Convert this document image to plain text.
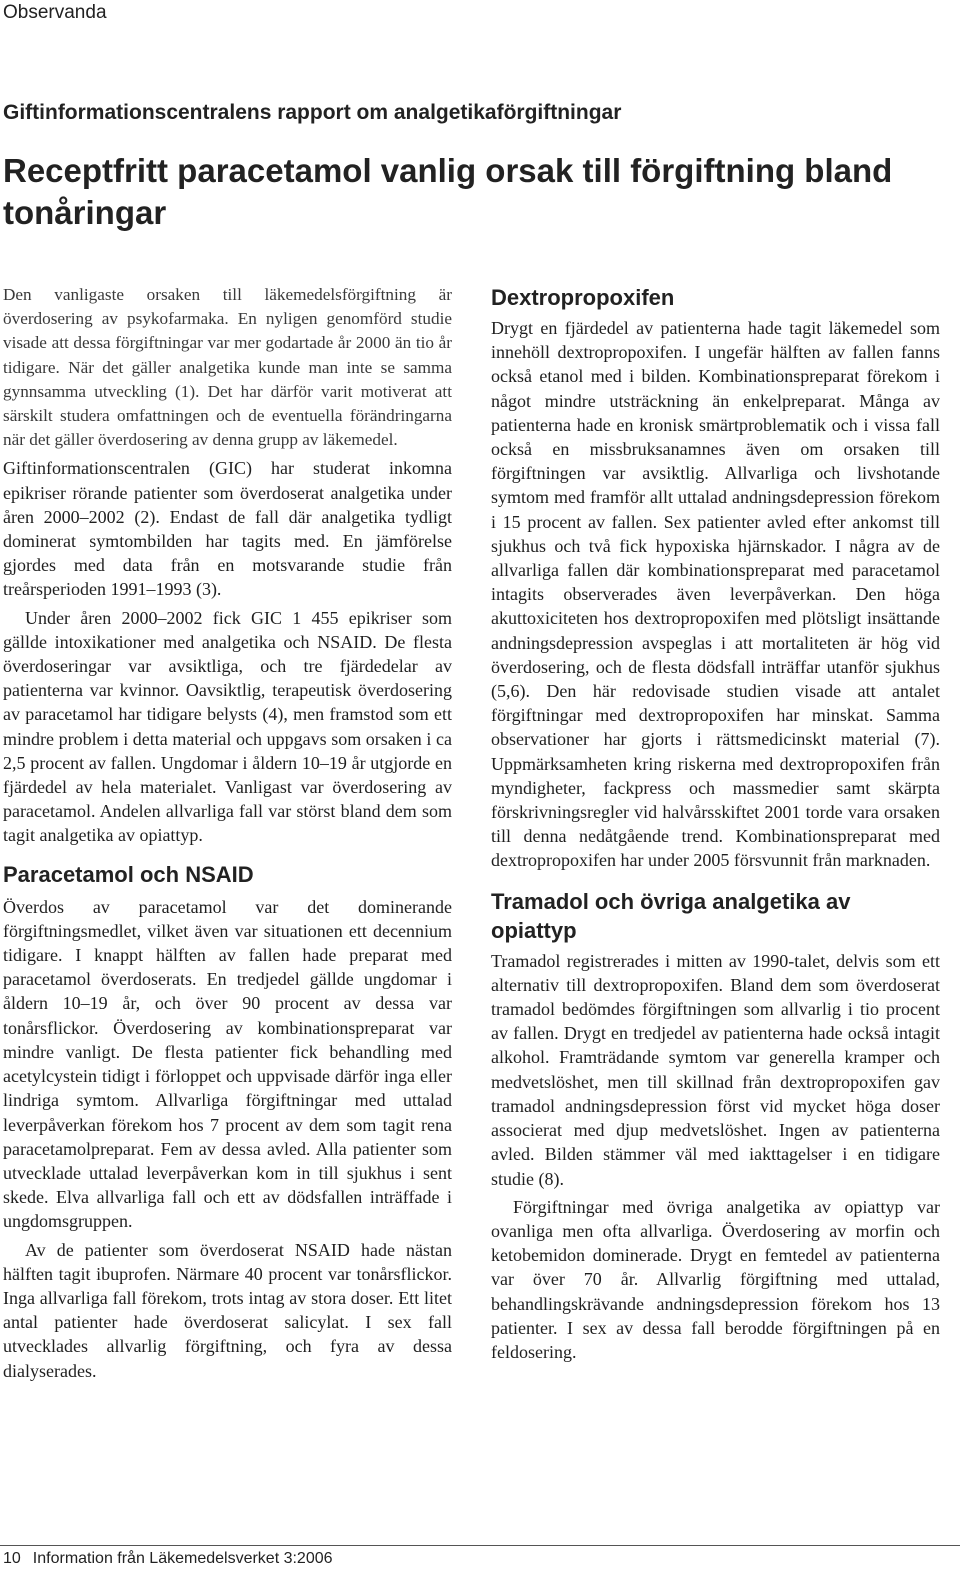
Observanda
Giftinformationscentralens rapport om analgetikaförgiftningar
Receptfritt paracetamol vanlig orsak till förgiftning bland tonåringar

Den vanligaste orsaken till läkemedelsförgiftning är överdosering av psykofarmaka. En nyligen genomförd studie visade att dessa förgiftningar var mer godartade år 2000 än tio år tidigare. När det gäller analgetika kunde man inte se samma gynnsamma utveckling (1). Det har därför varit motiverat att särskilt studera omfattningen och de eventuella förändringarna när det gäller överdosering av denna grupp av läkemedel.

Giftinformationscentralen (GIC) har studerat inkomna epikriser rörande patienter som överdoserat analgetika under åren 2000–2002 (2). Endast de fall där analgetika tydligt dominerat symtombilden har tagits med. En jämförelse gjordes med data från en motsvarande studie från treårsperioden 1991–1993 (3).

Under åren 2000–2002 fick GIC 1 455 epikriser som gällde intoxikationer med analgetika och NSAID. De flesta överdoseringar var avsiktliga, och tre fjärdedelar av patienterna var kvinnor. Oavsiktlig, terapeutisk överdosering av paracetamol har tidigare belysts (4), men framstod som ett mindre problem i detta material och uppgavs som orsaken i ca 2,5 procent av fallen. Ungdomar i åldern 10–19 år utgjorde en fjärdedel av hela materialet. Vanligast var överdosering av paracetamol. Andelen allvarliga fall var störst bland dem som tagit analgetika av opiattyp.

Paracetamol och NSAID

Överdos av paracetamol var det dominerande förgiftningsmedlet, vilket även var situationen ett decennium tidigare. I knappt hälften av fallen hade preparat med paracetamol överdoserats. En tredjedel gällde ungdomar i åldern 10–19 år, och över 90 procent av dessa var tonårsflickor. Överdosering av kombinationspreparat var mindre vanligt. De flesta patienter fick behandling med acetylcystein tidigt i förloppet och uppvisade därför inga eller lindriga symtom. Allvarliga förgiftningar med uttalad leverpåverkan förekom hos 7 procent av dem som tagit rena paracetamolpreparat. Fem av dessa avled. Alla patienter som utvecklade uttalad leverpåverkan kom in till sjukhus i sent skede. Elva allvarliga fall och ett av dödsfallen inträffade i ungdomsgruppen.

Av de patienter som överdoserat NSAID hade nästan hälften tagit ibuprofen. Närmare 40 procent var tonårsflickor. Inga allvarliga fall förekom, trots intag av stora doser. Ett litet antal patienter hade överdoserat salicylat. I sex fall utvecklades allvarlig förgiftning, och fyra av dessa dialyserades.

Dextropropoxifen

Drygt en fjärdedel av patienterna hade tagit läkemedel som innehöll dextropropoxifen. I ungefär hälften av fallen fanns också etanol med i bilden. Kombinationspreparat förekom i något mindre utsträckning än enkelpreparat. Många av patienterna hade en kronisk smärtproblematik och i vissa fall också en missbruksanamnes även om orsaken till förgiftningen var avsiktlig. Allvarliga och livshotande symtom med framför allt uttalad andningsdepression förekom i 15 procent av fallen. Sex patienter avled efter ankomst till sjukhus och två fick hypoxiska hjärnskador. I några av de allvarliga fallen där kombinationspreparat med paracetamol intagits observerades även leverpåverkan. Den höga akuttoxiciteten hos dextropropoxifen med plötsligt insättande andningsdepression avspeglas i att mortaliteten är hög vid överdosering, och de flesta dödsfall inträffar utanför sjukhus (5,6). Den här redovisade studien visade att antalet förgiftningar med dextropropoxifen har minskat. Samma observationer har gjorts i rättsmedicinskt material (7). Uppmärksamheten kring riskerna med dextropropoxifen från myndigheter, fackpress och massmedier samt skärpta förskrivningsregler vid halvårsskiftet 2001 torde vara orsaken till denna nedåtgående trend. Kombinationspreparat med dextropropoxifen har under 2005 försvunnit från marknaden.

Tramadol och övriga analgetika av opiattyp

Tramadol registrerades i mitten av 1990-talet, delvis som ett alternativ till dextropropoxifen. Bland dem som överdoserat tramadol bedömdes förgiftningen som allvarlig i tio procent av fallen. Drygt en tredjedel av patienterna hade också intagit alkohol. Framträdande symtom var generella kramper och medvetslöshet, men till skillnad från dextropropoxifen gav tramadol andningsdepression först vid mycket höga doser associerat med djup medvetslöshet. Ingen av patienterna avled. Bilden stämmer väl med iakttagelser i en tidigare studie (8).

Förgiftningar med övriga analgetika av opiattyp var ovanliga men ofta allvarliga. Överdosering av morfin och ketobemidon dominerade. Drygt en femtedel av patienterna var över 70 år. Allvarlig förgiftning med uttalad, behandlingskrävande andningsdepression förekom hos 13 patienter. I sex av dessa fall berodde förgiftningen på en feldosering.

10 Information från Läkemedelsverket 3:2006
